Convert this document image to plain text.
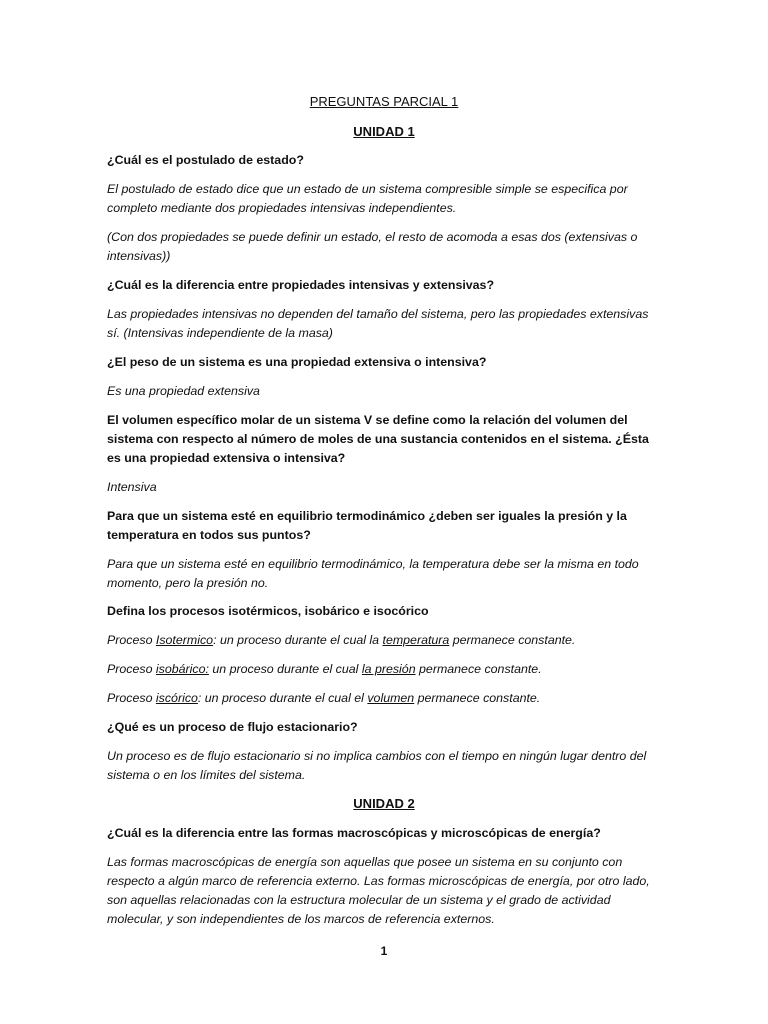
PREGUNTAS PARCIAL 1
UNIDAD 1

¿Cuál es el postulado de estado?

El postulado de estado dice que un estado de un sistema compresible simple se especifica por completo mediante dos propiedades intensivas independientes.

(Con dos propiedades se puede definir un estado, el resto de acomoda a esas dos (extensivas o intensivas))

¿Cuál es la diferencia entre propiedades intensivas y extensivas?

Las propiedades intensivas no dependen del tamaño del sistema, pero las propiedades extensivas sí. (Intensivas independiente de la masa)

¿El peso de un sistema es una propiedad extensiva o intensiva?

Es una propiedad extensiva

El volumen específico molar de un sistema V se define como la relación del volumen del sistema con respecto al número de moles de una sustancia contenidos en el sistema. ¿Ésta es una propiedad extensiva o intensiva?

Intensiva

Para que un sistema esté en equilibrio termodinámico ¿deben ser iguales la presión y la temperatura en todos sus puntos?

Para que un sistema esté en equilibrio termodinámico, la temperatura debe ser la misma en todo momento, pero la presión no.

Defina los procesos isotérmicos, isobárico e isocórico

Proceso Isotermico: un proceso durante el cual la temperatura permanece constante.

Proceso isobárico: un proceso durante el cual la presión permanece constante.

Proceso iscórico: un proceso durante el cual el volumen permanece constante.

¿Qué es un proceso de flujo estacionario?

Un proceso es de flujo estacionario si no implica cambios con el tiempo en ningún lugar dentro del sistema o en los límites del sistema.

UNIDAD 2

¿Cuál es la diferencia entre las formas macroscópicas y microscópicas de energía?

Las formas macroscópicas de energía son aquellas que posee un sistema en su conjunto con respecto a algún marco de referencia externo. Las formas microscópicas de energía, por otro lado, son aquellas relacionadas con la estructura molecular de un sistema y el grado de actividad molecular, y son independientes de los marcos de referencia externos.

1
